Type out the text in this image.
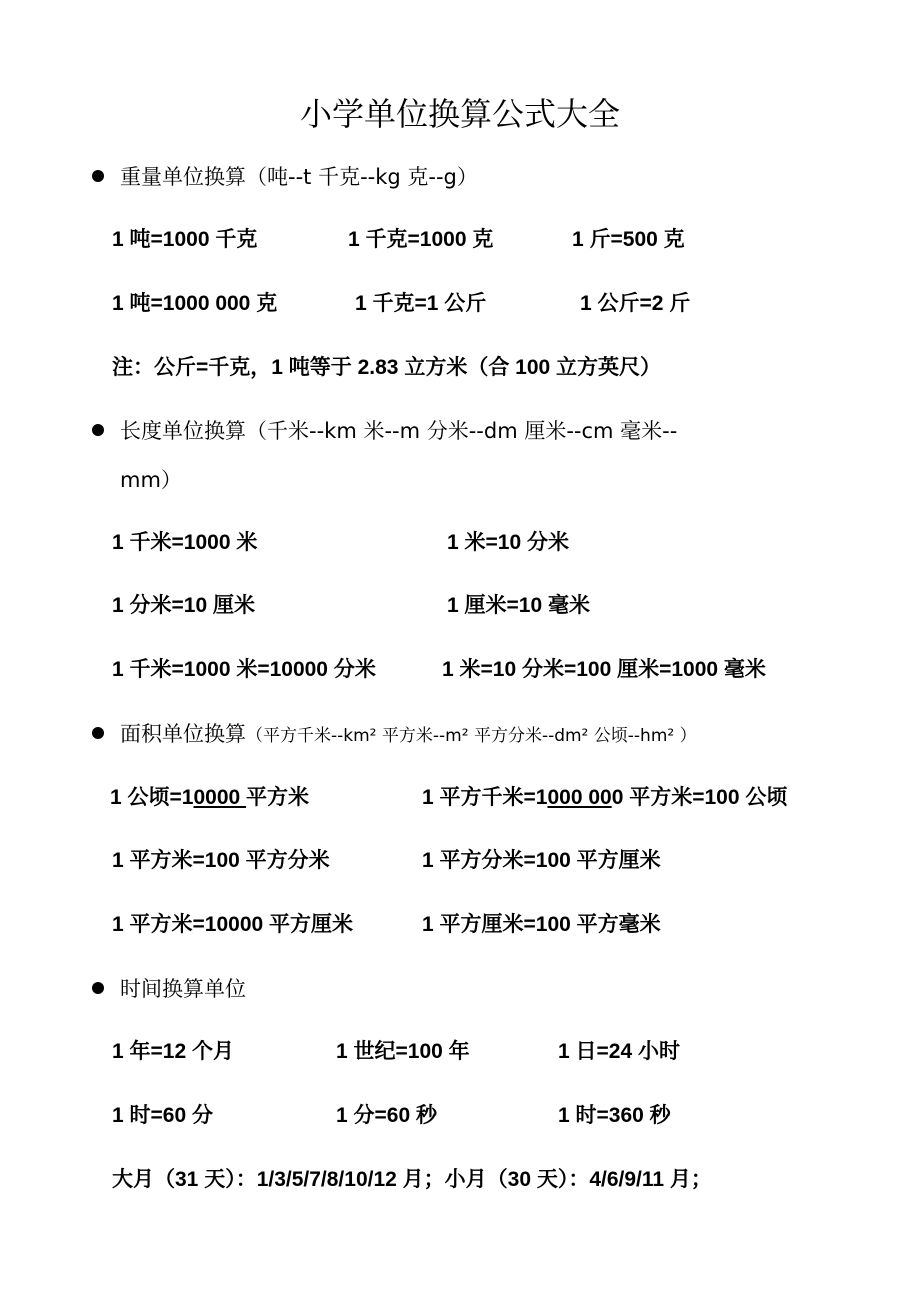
小学单位换算公式大全
重量单位换算（吨--t 千克--kg 克--g）
1 吨=1000 千克	1 千克=1000 克	1 斤=500 克
1 吨=1000 000 克	1 千克=1 公斤	1 公斤=2 斤
注：公斤=千克，1 吨等于 2.83 立方米（合 100 立方英尺）
长度单位换算（千米--km 米--m 分米--dm 厘米--cm 毫米--
mm）
1 千米=1000 米	1 米=10 分米
1 分米=10 厘米	1 厘米=10 毫米
1 千米=1000 米=10000 分米	1 米=10 分米=100 厘米=1000 毫米
面积单位换算（平方千米--km² 平方米--m² 平方分米--dm² 公顷--hm² ）
1 公顷=10000 平方米	1 平方千米=1000 000 平方米=100 公顷
1 平方米=100 平方分米	1 平方分米=100 平方厘米
1 平方米=10000 平方厘米	1 平方厘米=100 平方毫米
时间换算单位
1 年=12 个月	1 世纪=100 年	1 日=24 小时
1 时=60 分	1 分=60 秒	1 时=360 秒
大月（31 天）：1/3/5/7/8/10/12 月；小月（30 天）：4/6/9/11 月；
